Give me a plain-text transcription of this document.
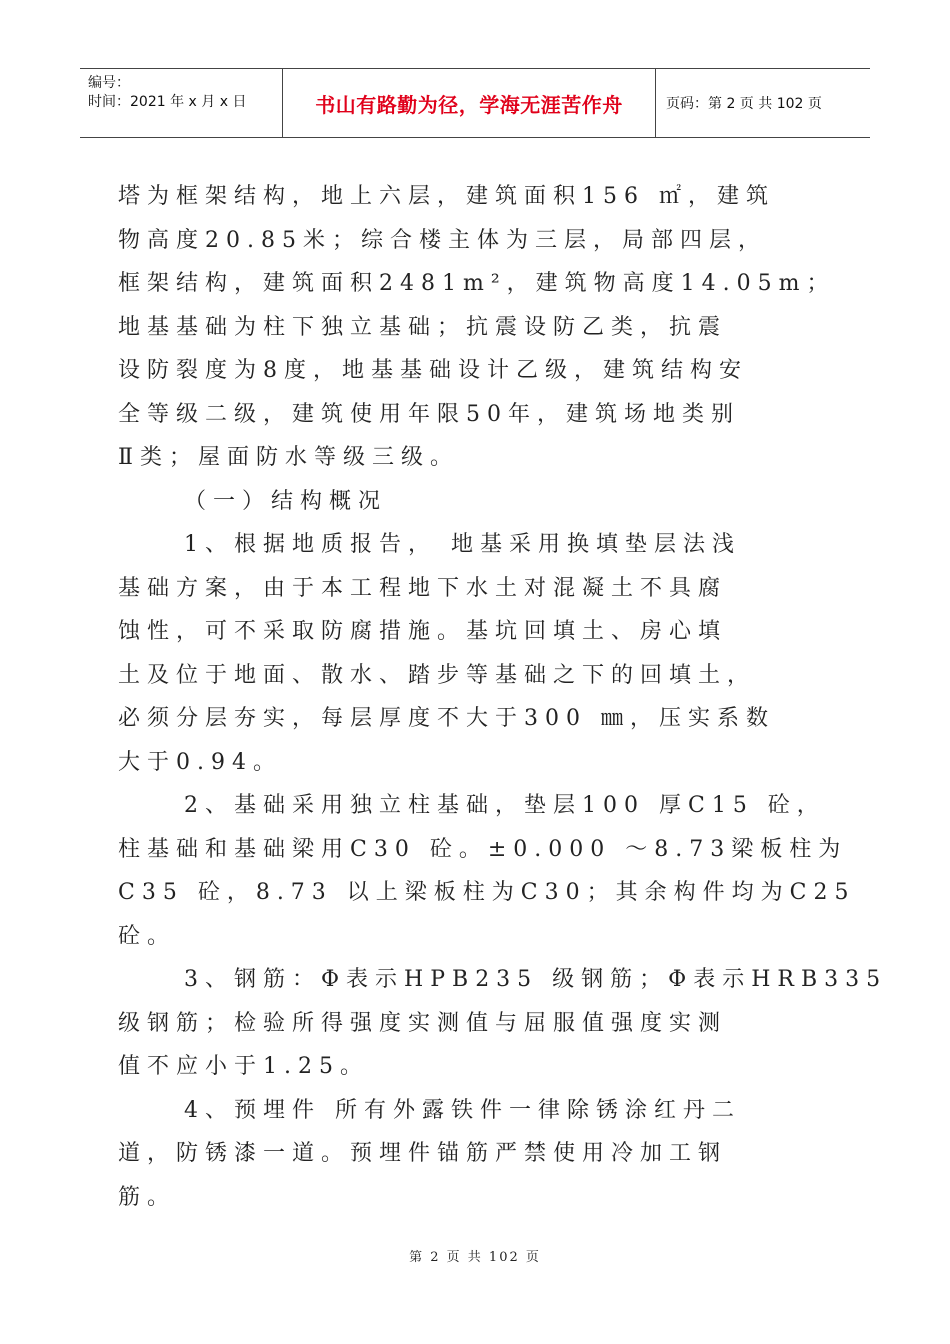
编号：
时间：2021 年 x 月 x 日	书山有路勤为径，学海无涯苦作舟	页码：第 2 页 共 102 页
塔为框架结构，地上六层，建筑面积156 ㎡，建筑
物高度20.85米；综合楼主体为三层，局部四层，
框架结构，建筑面积2481m²，建筑物高度14.05m；
地基基础为柱下独立基础；抗震设防乙类，抗震
设防裂度为8度，地基基础设计乙级，建筑结构安
全等级二级，建筑使用年限50年，建筑场地类别
Ⅱ类；屋面防水等级三级。
（一）结构概况
1、根据地质报告， 地基采用换填垫层法浅
基础方案，由于本工程地下水土对混凝土不具腐
蚀性，可不采取防腐措施。基坑回填土、房心填
土及位于地面、散水、踏步等基础之下的回填土，
必须分层夯实，每层厚度不大于300 ㎜，压实系数
大于0.94。
2、基础采用独立柱基础，垫层100 厚C15 砼，
柱基础和基础梁用C30 砼。±0.000 ～8.73梁板柱为
C35 砼，8.73 以上梁板柱为C30；其余构件均为C25
砼。
3、钢筋：Φ表示HPB235 级钢筋；Φ表示HRB335
级钢筋；检验所得强度实测值与屈服值强度实测
值不应小于1.25。
4、预埋件 所有外露铁件一律除锈涂红丹二
道，防锈漆一道。预埋件锚筋严禁使用冷加工钢
筋。
第 2 页 共 102 页
